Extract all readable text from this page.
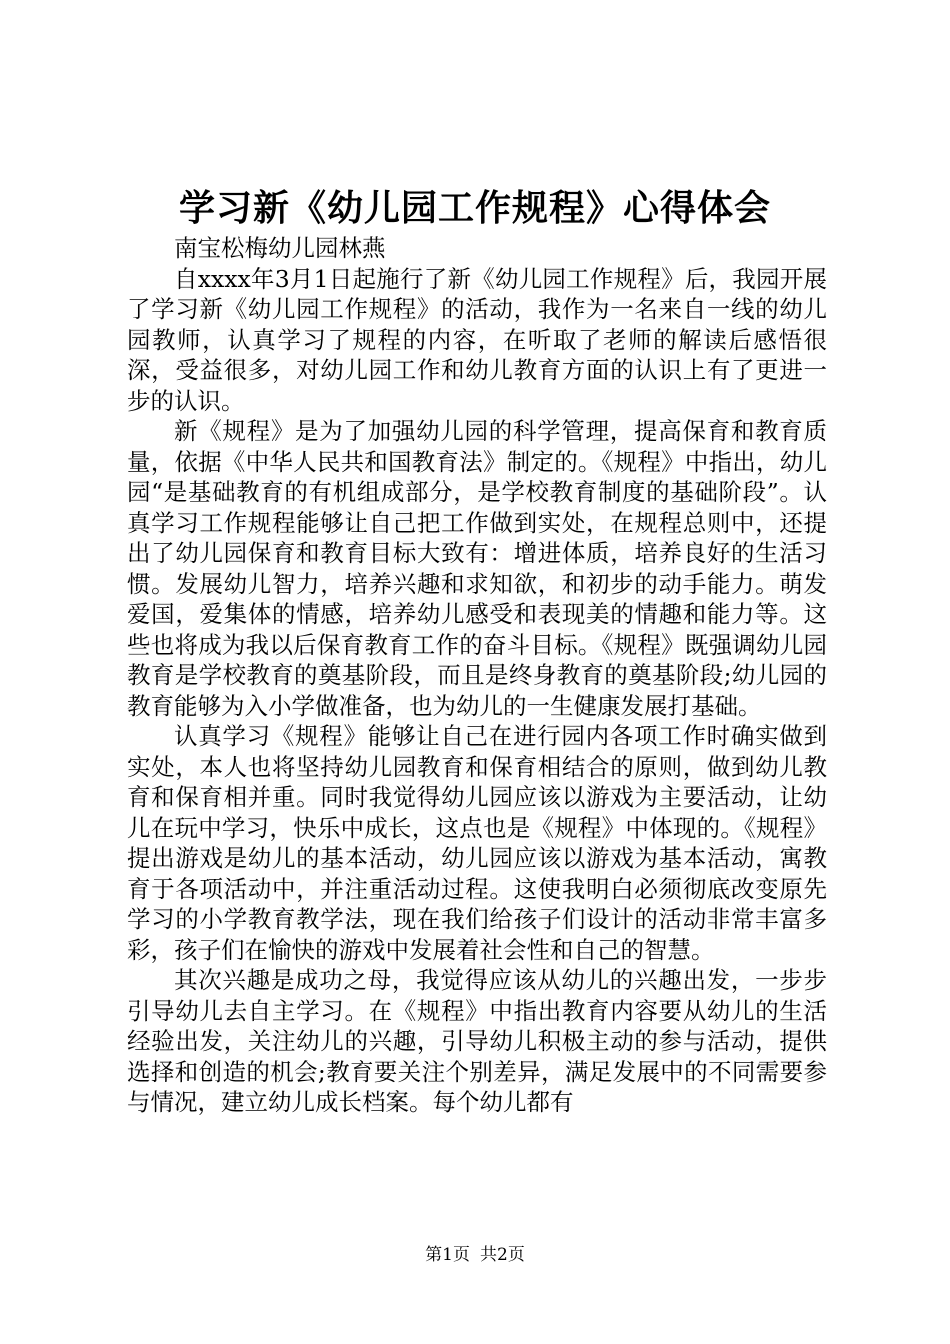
学习新《幼儿园工作规程》心得体会

南宝松梅幼儿园林燕

自xxxx年3月1日起施行了新《幼儿园工作规程》后，我园开展了学习新《幼儿园工作规程》的活动，我作为一名来自一线的幼儿园教师，认真学习了规程的内容，在听取了老师的解读后感悟很深，受益很多，对幼儿园工作和幼儿教育方面的认识上有了更进一步的认识。

新《规程》是为了加强幼儿园的科学管理，提高保育和教育质量，依据《中华人民共和国教育法》制定的。《规程》中指出，幼儿园“是基础教育的有机组成部分，是学校教育制度的基础阶段”。认真学习工作规程能够让自己把工作做到实处，在规程总则中，还提出了幼儿园保育和教育目标大致有：增进体质，培养良好的生活习惯。发展幼儿智力，培养兴趣和求知欲，和初步的动手能力。萌发爱国，爱集体的情感，培养幼儿感受和表现美的情趣和能力等。这些也将成为我以后保育教育工作的奋斗目标。《规程》既强调幼儿园教育是学校教育的奠基阶段，而且是终身教育的奠基阶段;幼儿园的教育能够为入小学做准备，也为幼儿的一生健康发展打基础。

认真学习《规程》能够让自己在进行园内各项工作时确实做到实处，本人也将坚持幼儿园教育和保育相结合的原则，做到幼儿教育和保育相并重。同时我觉得幼儿园应该以游戏为主要活动，让幼儿在玩中学习，快乐中成长，这点也是《规程》中体现的。《规程》提出游戏是幼儿的基本活动，幼儿园应该以游戏为基本活动，寓教育于各项活动中，并注重活动过程。这使我明白必须彻底改变原先学习的小学教育教学法，现在我们给孩子们设计的活动非常丰富多彩，孩子们在愉快的游戏中发展着社会性和自己的智慧。

其次兴趣是成功之母，我觉得应该从幼儿的兴趣出发，一步步引导幼儿去自主学习。在《规程》中指出教育内容要从幼儿的生活经验出发，关注幼儿的兴趣，引导幼儿积极主动的参与活动，提供选择和创造的机会;教育要关注个别差异，满足发展中的不同需要参与情况，建立幼儿成长档案。每个幼儿都有

第1页 共2页
